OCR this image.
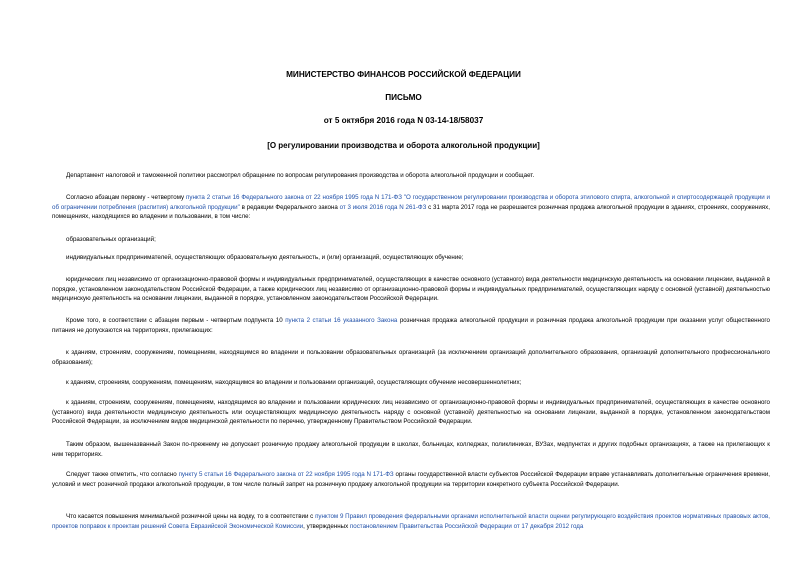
МИНИСТЕРСТВО ФИНАНСОВ РОССИЙСКОЙ ФЕДЕРАЦИИ
ПИСЬМО
от 5 октября 2016 года N 03-14-18/58037
[О регулировании производства и оборота алкогольной продукции]

Департамент налоговой и таможенной политики рассмотрел обращение по вопросам регулирования производства и оборота алкогольной продукции и сообщает.

Согласно абзацам первому - четвертому пункта 2 статьи 16 Федерального закона от 22 ноября 1995 года N 171-ФЗ "О государственном регулировании производства и оборота этилового спирта, алкогольной и спиртосодержащей продукции и об ограничении потребления (распития) алкогольной продукции" в редакции Федерального закона от 3 июля 2016 года N 261-ФЗ с 31 марта 2017 года не разрешается розничная продажа алкогольной продукции в зданиях, строениях, сооружениях, помещениях, находящихся во владении и пользовании, в том числе:

образовательных организаций;

индивидуальных предпринимателей, осуществляющих образовательную деятельность, и (или) организаций, осуществляющих обучение;

юридических лиц независимо от организационно-правовой формы и индивидуальных предпринимателей, осуществляющих в качестве основного (уставного) вида деятельности медицинскую деятельность на основании лицензии, выданной в порядке, установленном законодательством Российской Федерации, а также юридических лиц независимо от организационно-правовой формы и индивидуальных предпринимателей, осуществляющих наряду с основной (уставной) деятельностью медицинскую деятельность на основании лицензии, выданной в порядке, установленном законодательством Российской Федерации.

Кроме того, в соответствии с абзацем первым - четвертым подпункта 10 пункта 2 статьи 16 указанного Закона розничная продажа алкогольной продукции и розничная продажа алкогольной продукции при оказании услуг общественного питания не допускаются на территориях, прилегающих:

к зданиям, строениям, сооружениям, помещениям, находящимся во владении и пользовании образовательных организаций (за исключением организаций дополнительного образования, организаций дополнительного профессионального образования);

к зданиям, строениям, сооружениям, помещениям, находящимся во владении и пользовании организаций, осуществляющих обучение несовершеннолетних;

к зданиям, строениям, сооружениям, помещениям, находящимся во владении и пользовании юридических лиц независимо от организационно-правовой формы и индивидуальных предпринимателей, осуществляющих в качестве основного (уставного) вида деятельности медицинскую деятельность или осуществляющих медицинскую деятельность наряду с основной (уставной) деятельностью на основании лицензии, выданной в порядке, установленном законодательством Российской Федерации, за исключением видов медицинской деятельности по перечню, утвержденному Правительством Российской Федерации.

Таким образом, вышеназванный Закон по-прежнему не допускает розничную продажу алкогольной продукции в школах, больницах, колледжах, поликлиниках, ВУЗах, медпунктах и других подобных организациях, а также на прилегающих к ним территориях.

Следует также отметить, что согласно пункту 5 статьи 16 Федерального закона от 22 ноября 1995 года N 171-ФЗ органы государственной власти субъектов Российской Федерации вправе устанавливать дополнительные ограничения времени, условий и мест розничной продажи алкогольной продукции, в том числе полный запрет на розничную продажу алкогольной продукции на территории конкретного субъекта Российской Федерации.

Что касается повышения минимальной розничной цены на водку, то в соответствии с пунктом 9 Правил проведения федеральными органами исполнительной власти оценки регулирующего воздействия проектов нормативных правовых актов, проектов поправок к проектам решений Совета Евразийской Экономической Комиссии, утвержденных постановлением Правительства Российской Федерации от 17 декабря 2012 года
